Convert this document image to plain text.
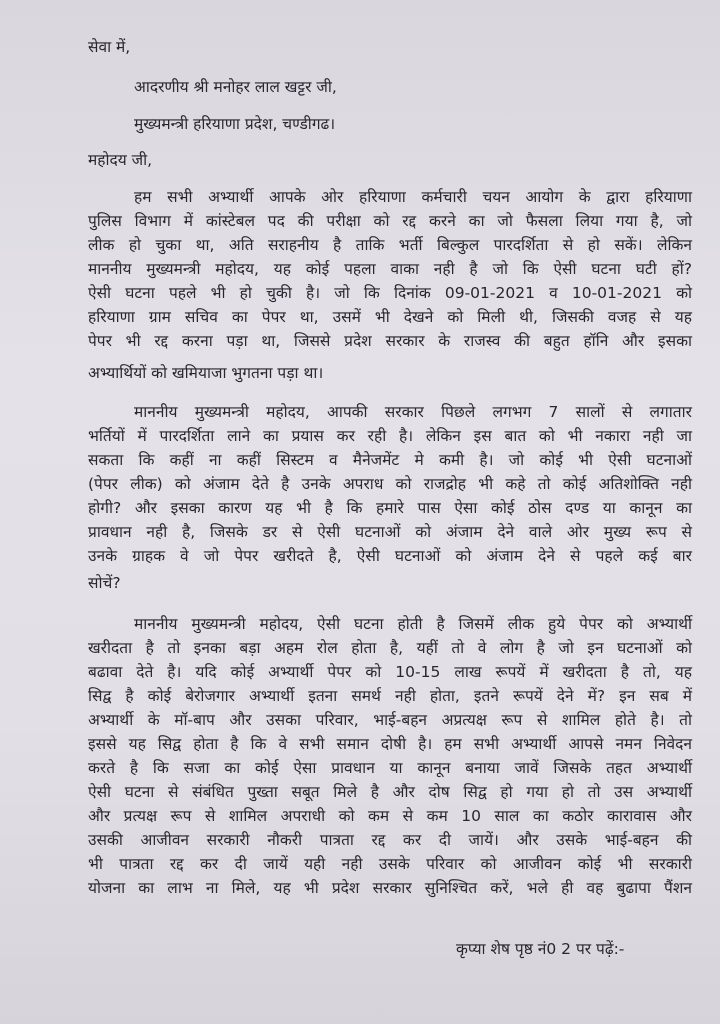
सेवा में,
आदरणीय श्री मनोहर लाल खट्टर जी,
मुख्यमन्त्री हरियाणा प्रदेश, चण्डीगढ।
महोदय जी,
हम सभी अभ्यार्थी आपके ओर हरियाणा कर्मचारी चयन आयोग के द्वारा हरियाणा
पुलिस विभाग में कांस्टेबल पद की परीक्षा को रद्द करने का जो फैसला लिया गया है, जो
लीक हो चुका था, अति सराहनीय है ताकि भर्ती बिल्कुल पारदर्शिता से हो सकें। लेकिन
माननीय मुख्यमन्त्री महोदय, यह कोई पहला वाका नही है जो कि ऐसी घटना घटी हों?
ऐसी घटना पहले भी हो चुकी है। जो कि दिनांक 09-01-2021 व 10-01-2021 को
हरियाणा ग्राम सचिव का पेपर था, उसमें भी देखने को मिली थी, जिसकी वजह से यह
पेपर भी रद्द करना पड़ा था, जिससे प्रदेश सरकार के राजस्व की बहुत हॉनि और इसका
अभ्यार्थियों को खमियाजा भुगतना पड़ा था।
माननीय मुख्यमन्त्री महोदय, आपकी सरकार पिछले लगभग 7 सालों से लगातार
भर्तियों में पारदर्शिता लाने का प्रयास कर रही है। लेकिन इस बात को भी नकारा नही जा
सकता कि कहीं ना कहीं सिस्टम व मैनेजमेंट मे कमी है। जो कोई भी ऐसी घटनाओं
(पेपर लीक) को अंजाम देते है उनके अपराध को राजद्रोह भी कहे तो कोई अतिशोक्ति नही
होगी? और इसका कारण यह भी है कि हमारे पास ऐसा कोई ठोस दण्ड या कानून का
प्रावधान नही है, जिसके डर से ऐसी घटनाओं को अंजाम देने वाले ओर मुख्य रूप से
उनके ग्राहक वे जो पेपर खरीदते है, ऐसी घटनाओं को अंजाम देने से पहले कई बार
सोचें?
माननीय मुख्यमन्त्री महोदय, ऐसी घटना होती है जिसमें लीक हुये पेपर को अभ्यार्थी
खरीदता है तो इनका बड़ा अहम रोल होता है, यहीं तो वे लोग है जो इन घटनाओं को
बढावा देते है। यदि कोई अभ्यार्थी पेपर को 10-15 लाख रूपयें में खरीदता है तो, यह
सिद्व है कोई बेरोजगार अभ्यार्थी इतना समर्थ नही होता, इतने रूपयें देने में? इन सब में
अभ्यार्थी के मॉ-बाप और उसका परिवार, भाई-बहन अप्रत्यक्ष रूप से शामिल होते है। तो
इससे यह सिद्व होता है कि वे सभी समान दोषी है। हम सभी अभ्यार्थी आपसे नमन निवेदन
करते है कि सजा का कोई ऐसा प्रावधान या कानून बनाया जावें जिसके तहत अभ्यार्थी
ऐसी घटना से संबंधित पुख्ता सबूत मिले है और दोष सिद्व हो गया हो तो उस अभ्यार्थी
और प्रत्यक्ष रूप से शामिल अपराधी को कम से कम 10 साल का कठोर कारावास और
उसकी आजीवन सरकारी नौकरी पात्रता रद्द कर दी जायें। और उसके भाई-बहन की
भी पात्रता रद्द कर दी जायें यही नही उसके परिवार को आजीवन कोई भी सरकारी
योजना का लाभ ना मिले, यह भी प्रदेश सरकार सुनिश्चित करें, भले ही वह बुढापा पैंशन
कृप्या शेष पृष्ठ नं0 2 पर पढ़ें:-
